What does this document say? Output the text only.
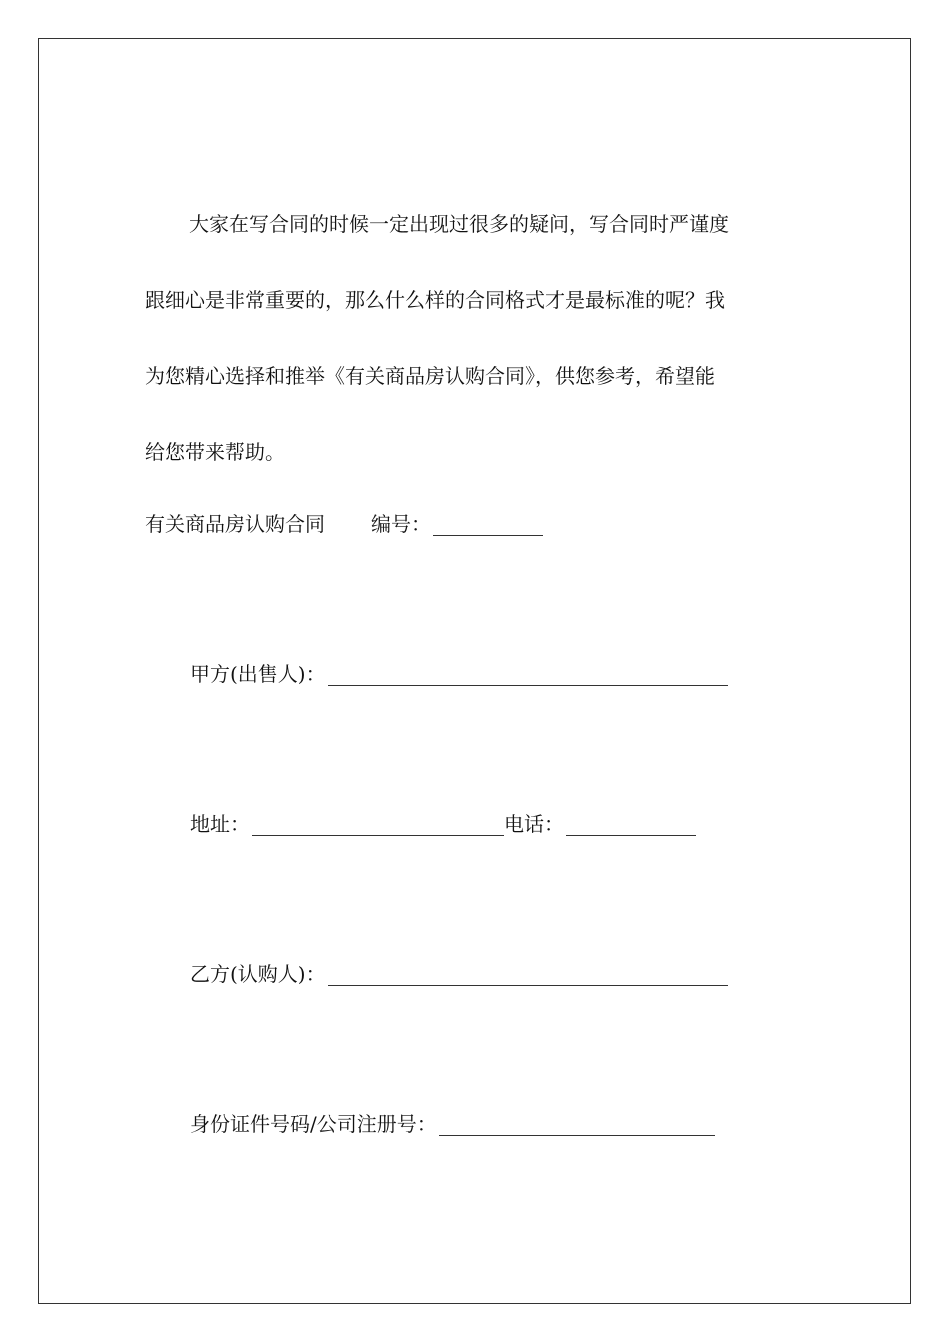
大家在写合同的时候一定出现过很多的疑问，写合同时严谨度
跟细心是非常重要的，那么什么样的合同格式才是最标准的呢？我
为您精心选择和推举《有关商品房认购合同》，供您参考，希望能
给您带来帮助。
有关商品房认购合同 编号：
甲方(出售人)：
地址：	电话：
乙方(认购人)：
身份证件号码/公司注册号：
